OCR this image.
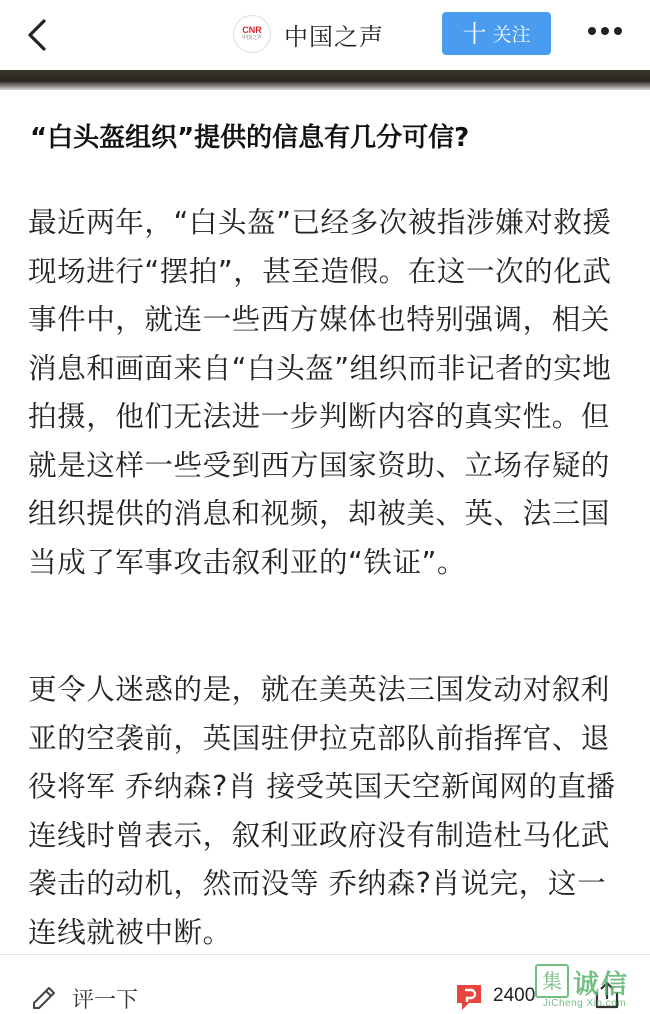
CNR
中国之声 中国之声	十 关注
“白头盔组织”提供的信息有几分可信?

最近两年，“白头盔”已经多次被指涉嫌对救援现场进行“摆拍”，甚至造假。在这一次的化武事件中，就连一些西方媒体也特别强调，相关消息和画面来自“白头盔”组织而非记者的实地拍摄，他们无法进一步判断内容的真实性。但就是这样一些受到西方国家资助、立场存疑的组织提供的消息和视频，却被美、英、法三国当成了军事攻击叙利亚的“铁证”。

更令人迷惑的是，就在美英法三国发动对叙利亚的空袭前，英国驻伊拉克部队前指挥官、退役将军 乔纳森?肖 接受英国天空新闻网的直播连线时曾表示，叙利亚政府没有制造杜马化武袭击的动机，然而没等 乔纳森?肖说完，这一连线就被中断。

评一下	2400
集 诚信
JiCheng Xin.com
